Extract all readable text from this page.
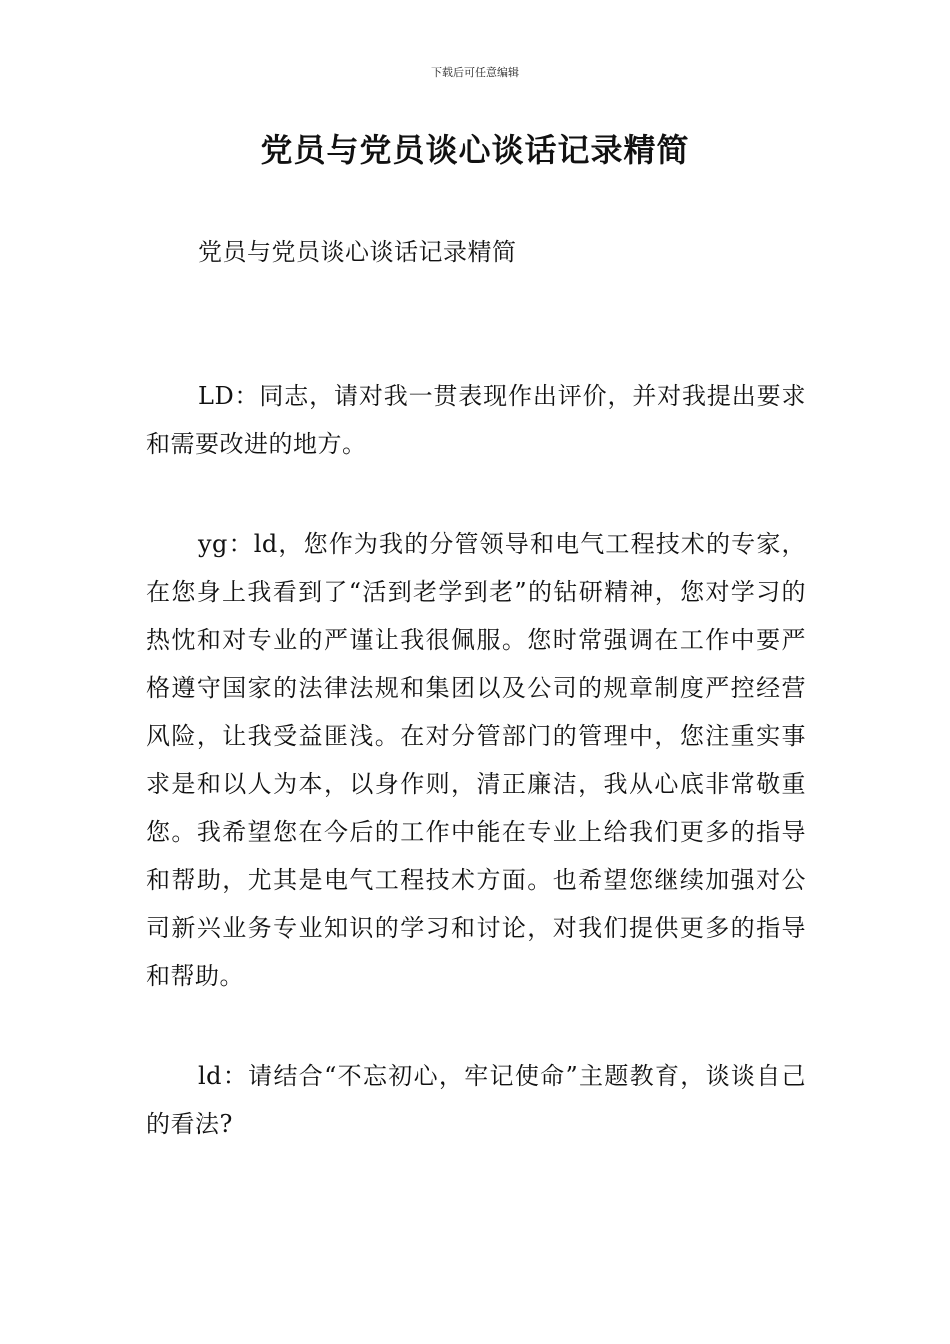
下载后可任意编辑
党员与党员谈心谈话记录精简

党员与党员谈心谈话记录精简

LD：同志，请对我一贯表现作出评价，并对我提出要求和需要改进的地方。

yg：ld，您作为我的分管领导和电气工程技术的专家，在您身上我看到了“活到老学到老”的钻研精神，您对学习的热忱和对专业的严谨让我很佩服。您时常强调在工作中要严格遵守国家的法律法规和集团以及公司的规章制度严控经营风险，让我受益匪浅。在对分管部门的管理中，您注重实事求是和以人为本，以身作则，清正廉洁，我从心底非常敬重您。我希望您在今后的工作中能在专业上给我们更多的指导和帮助，尤其是电气工程技术方面。也希望您继续加强对公司新兴业务专业知识的学习和讨论，对我们提供更多的指导和帮助。

ld：请结合“不忘初心，牢记使命”主题教育，谈谈自己的看法?
